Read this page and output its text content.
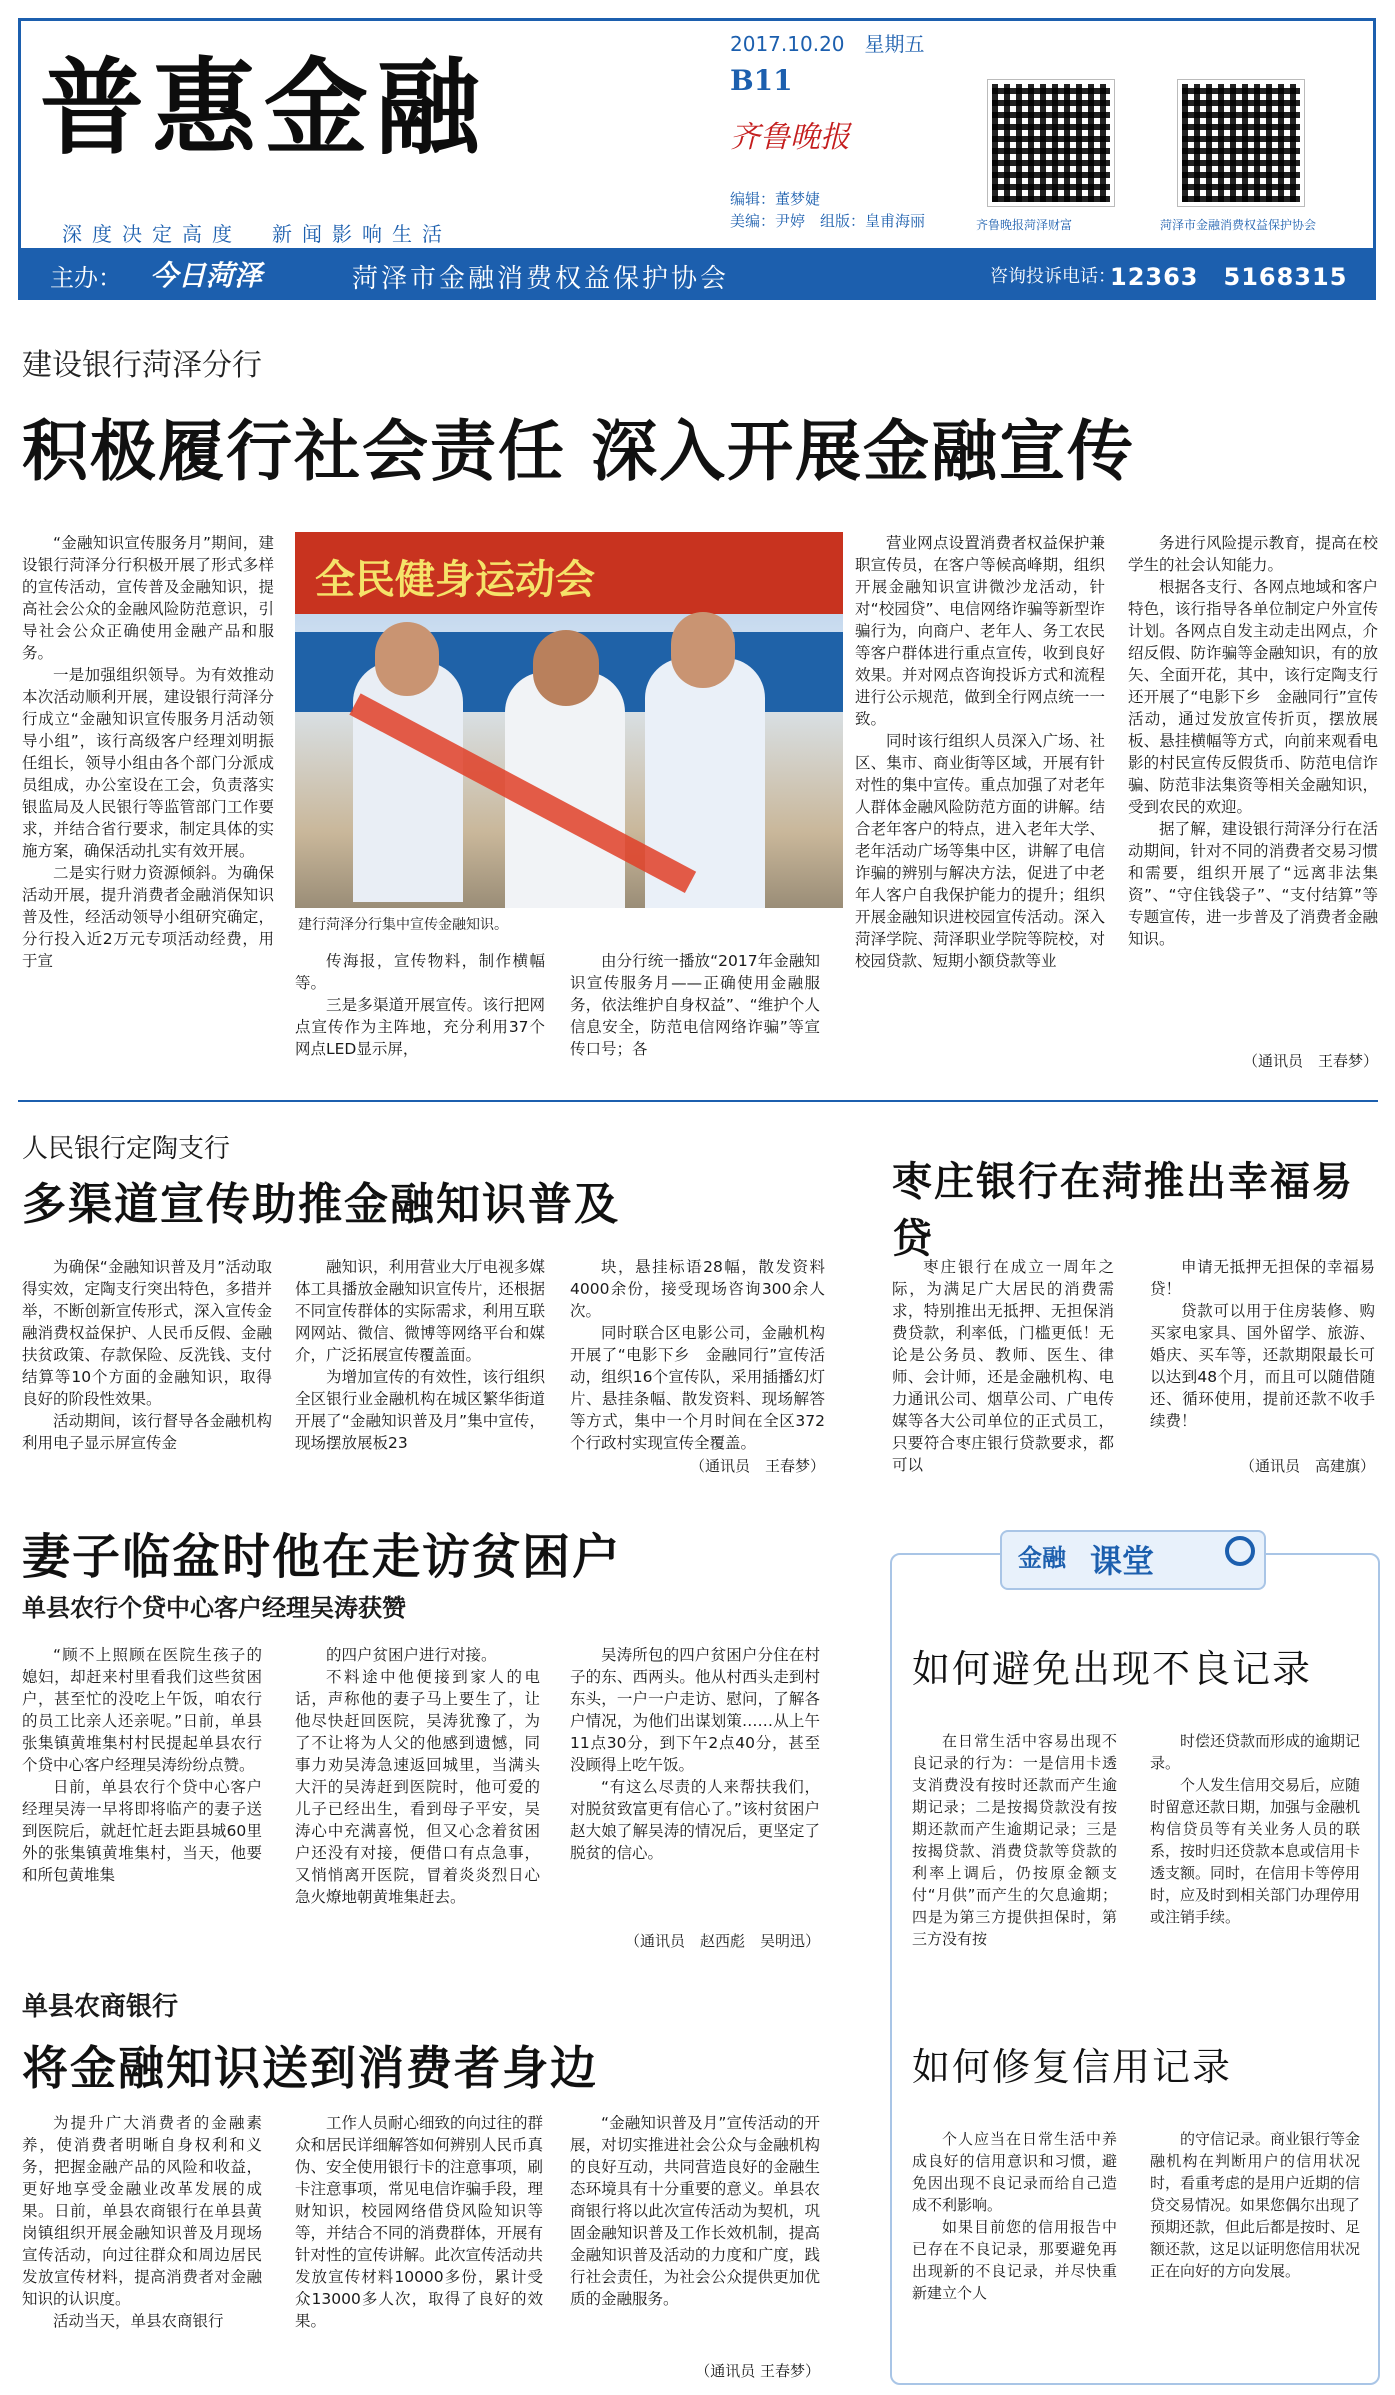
普惠金融
深度决定高度　新闻影响生活
2017.10.20　星期五
B11
齐鲁晚报
编辑：董梦婕
美编：尹婷　组版：皇甫海丽	齐鲁晚报菏泽财富	菏泽市金融消费权益保护协会
主办： 今日菏泽	菏泽市金融消费权益保护协会	咨询投诉电话：
12363　5168315
建设银行菏泽分行
积极履行社会责任 深入开展金融宣传

“金融知识宣传服务月”期间，建设银行菏泽分行积极开展了形式多样的宣传活动，宣传普及金融知识，提高社会公众的金融风险防范意识，引导社会公众正确使用金融产品和服务。

一是加强组织领导。为有效推动本次活动顺利开展，建设银行菏泽分行成立“金融知识宣传服务月活动领导小组”，该行高级客户经理刘明振任组长，领导小组由各个部门分派成员组成，办公室设在工会，负责落实银监局及人民银行等监管部门工作要求，并结合省行要求，制定具体的实施方案，确保活动扎实有效开展。

二是实行财力资源倾斜。为确保活动开展，提升消费者金融消保知识普及性，经活动领导小组研究确定，分行投入近2万元专项活动经费，用于宣

全民健身运动会
建行菏泽分行集中宣传金融知识。

传海报，宣传物料，制作横幅等。

三是多渠道开展宣传。该行把网点宣传作为主阵地，充分利用37个网点LED显示屏，

由分行统一播放“2017年金融知识宣传服务月——正确使用金融服务，依法维护自身权益”、“维护个人信息安全，防范电信网络诈骗”等宣传口号；各

营业网点设置消费者权益保护兼职宣传员，在客户等候高峰期，组织开展金融知识宣讲微沙龙活动，针对“校园贷”、电信网络诈骗等新型诈骗行为，向商户、老年人、务工农民等客户群体进行重点宣传，收到良好效果。并对网点咨询投诉方式和流程进行公示规范，做到全行网点统一一致。

同时该行组织人员深入广场、社区、集市、商业街等区域，开展有针对性的集中宣传。重点加强了对老年人群体金融风险防范方面的讲解。结合老年客户的特点，进入老年大学、老年活动广场等集中区，讲解了电信诈骗的辨别与解决方法，促进了中老年人客户自我保护能力的提升；组织开展金融知识进校园宣传活动。深入菏泽学院、菏泽职业学院等院校，对校园贷款、短期小额贷款等业

务进行风险提示教育，提高在校学生的社会认知能力。

根据各支行、各网点地域和客户特色，该行指导各单位制定户外宣传计划。各网点自发主动走出网点，介绍反假、防诈骗等金融知识，有的放矢、全面开花，其中，该行定陶支行还开展了“电影下乡　金融同行”宣传活动，通过发放宣传折页，摆放展板、悬挂横幅等方式，向前来观看电影的村民宣传反假货币、防范电信诈骗、防范非法集资等相关金融知识，受到农民的欢迎。

据了解，建设银行菏泽分行在活动期间，针对不同的消费者交易习惯和需要，组织开展了“远离非法集资”、“守住钱袋子”、“支付结算”等专题宣传，进一步普及了消费者金融知识。

（通讯员　王春梦）
人民银行定陶支行
多渠道宣传助推金融知识普及

为确保“金融知识普及月”活动取得实效，定陶支行突出特色，多措并举，不断创新宣传形式，深入宣传金融消费权益保护、人民币反假、金融扶贫政策、存款保险、反洗钱、支付结算等10个方面的金融知识，取得良好的阶段性效果。

活动期间，该行督导各金融机构利用电子显示屏宣传金

融知识，利用营业大厅电视多媒体工具播放金融知识宣传片，还根据不同宣传群体的实际需求，利用互联网网站、微信、微博等网络平台和媒介，广泛拓展宣传覆盖面。

为增加宣传的有效性，该行组织全区银行业金融机构在城区繁华街道开展了“金融知识普及月”集中宣传，现场摆放展板23

块，悬挂标语28幅，散发资料4000余份，接受现场咨询300余人次。

同时联合区电影公司，金融机构开展了“电影下乡　金融同行”宣传活动，组织16个宣传队，采用插播幻灯片、悬挂条幅、散发资料、现场解答等方式，集中一个月时间在全区372个行政村实现宣传全覆盖。

（通讯员　王春梦）
枣庄银行在菏推出幸福易贷

枣庄银行在成立一周年之际，为满足广大居民的消费需求，特别推出无抵押、无担保消费贷款，利率低，门槛更低！无论是公务员、教师、医生、律师、会计师，还是金融机构、电力通讯公司、烟草公司、广电传媒等各大公司单位的正式员工，只要符合枣庄银行贷款要求，都可以

申请无抵押无担保的幸福易贷！

贷款可以用于住房装修、购买家电家具、国外留学、旅游、婚庆、买车等，还款期限最长可以达到48个月，而且可以随借随还、循环使用，提前还款不收手续费！

（通讯员　高建旗）
妻子临盆时他在走访贫困户
单县农行个贷中心客户经理吴涛获赞

“顾不上照顾在医院生孩子的媳妇，却赶来村里看我们这些贫困户，甚至忙的没吃上午饭，咱农行的员工比亲人还亲呢。”日前，单县张集镇黄堆集村村民提起单县农行个贷中心客户经理吴涛纷纷点赞。

日前，单县农行个贷中心客户经理吴涛一早将即将临产的妻子送到医院后，就赶忙赶去距县城60里外的张集镇黄堆集村，当天，他要和所包黄堆集

的四户贫困户进行对接。

不料途中他便接到家人的电话，声称他的妻子马上要生了，让他尽快赶回医院，吴涛犹豫了，为了不让将为人父的他感到遗憾，同事力劝吴涛急速返回城里，当满头大汗的吴涛赶到医院时，他可爱的儿子已经出生，看到母子平安，吴涛心中充满喜悦，但又心念着贫困户还没有对接，便借口有点急事，又悄悄离开医院，冒着炎炎烈日心急火燎地朝黄堆集赶去。

吴涛所包的四户贫困户分住在村子的东、西两头。他从村西头走到村东头，一户一户走访、慰问，了解各户情况，为他们出谋划策……从上午11点30分，到下午2点40分，甚至没顾得上吃午饭。

“有这么尽责的人来帮扶我们，对脱贫致富更有信心了。”该村贫困户赵大娘了解吴涛的情况后，更坚定了脱贫的信心。

（通讯员　赵西彪　吴明迅）
单县农商银行
将金融知识送到消费者身边

为提升广大消费者的金融素养，使消费者明晰自身权利和义务，把握金融产品的风险和收益，更好地享受金融业改革发展的成果。日前，单县农商银行在单县黄岗镇组织开展金融知识普及月现场宣传活动，向过往群众和周边居民发放宣传材料，提高消费者对金融知识的认识度。

活动当天，单县农商银行

工作人员耐心细致的向过往的群众和居民详细解答如何辨别人民币真伪、安全使用银行卡的注意事项，刷卡注意事项，常见电信诈骗手段，理财知识，校园网络借贷风险知识等等，并结合不同的消费群体，开展有针对性的宣传讲解。此次宣传活动共发放宣传材料10000多份，累计受众13000多人次，取得了良好的效果。

“金融知识普及月”宣传活动的开展，对切实推进社会公众与金融机构的良好互动，共同营造良好的金融生态环境具有十分重要的意义。单县农商银行将以此次宣传活动为契机，巩固金融知识普及工作长效机制，提高金融知识普及活动的力度和广度，践行社会责任，为社会公众提供更加优质的金融服务。

（通讯员 王春梦）
金融 课堂
如何避免出现不良记录

在日常生活中容易出现不良记录的行为：一是信用卡透支消费没有按时还款而产生逾期记录；二是按揭贷款没有按期还款而产生逾期记录；三是按揭贷款、消费贷款等贷款的利率上调后，仍按原金额支付“月供”而产生的欠息逾期；四是为第三方提供担保时，第三方没有按

时偿还贷款而形成的逾期记录。

个人发生信用交易后，应随时留意还款日期，加强与金融机构信贷员等有关业务人员的联系，按时归还贷款本息或信用卡透支额。同时，在信用卡等停用时，应及时到相关部门办理停用或注销手续。

如何修复信用记录

个人应当在日常生活中养成良好的信用意识和习惯，避免因出现不良记录而给自己造成不利影响。

如果目前您的信用报告中已存在不良记录，那要避免再出现新的不良记录，并尽快重新建立个人

的守信记录。商业银行等金融机构在判断用户的信用状况时，看重考虑的是用户近期的信贷交易情况。如果您偶尔出现了预期还款，但此后都是按时、足额还款，这足以证明您信用状况正在向好的方向发展。
